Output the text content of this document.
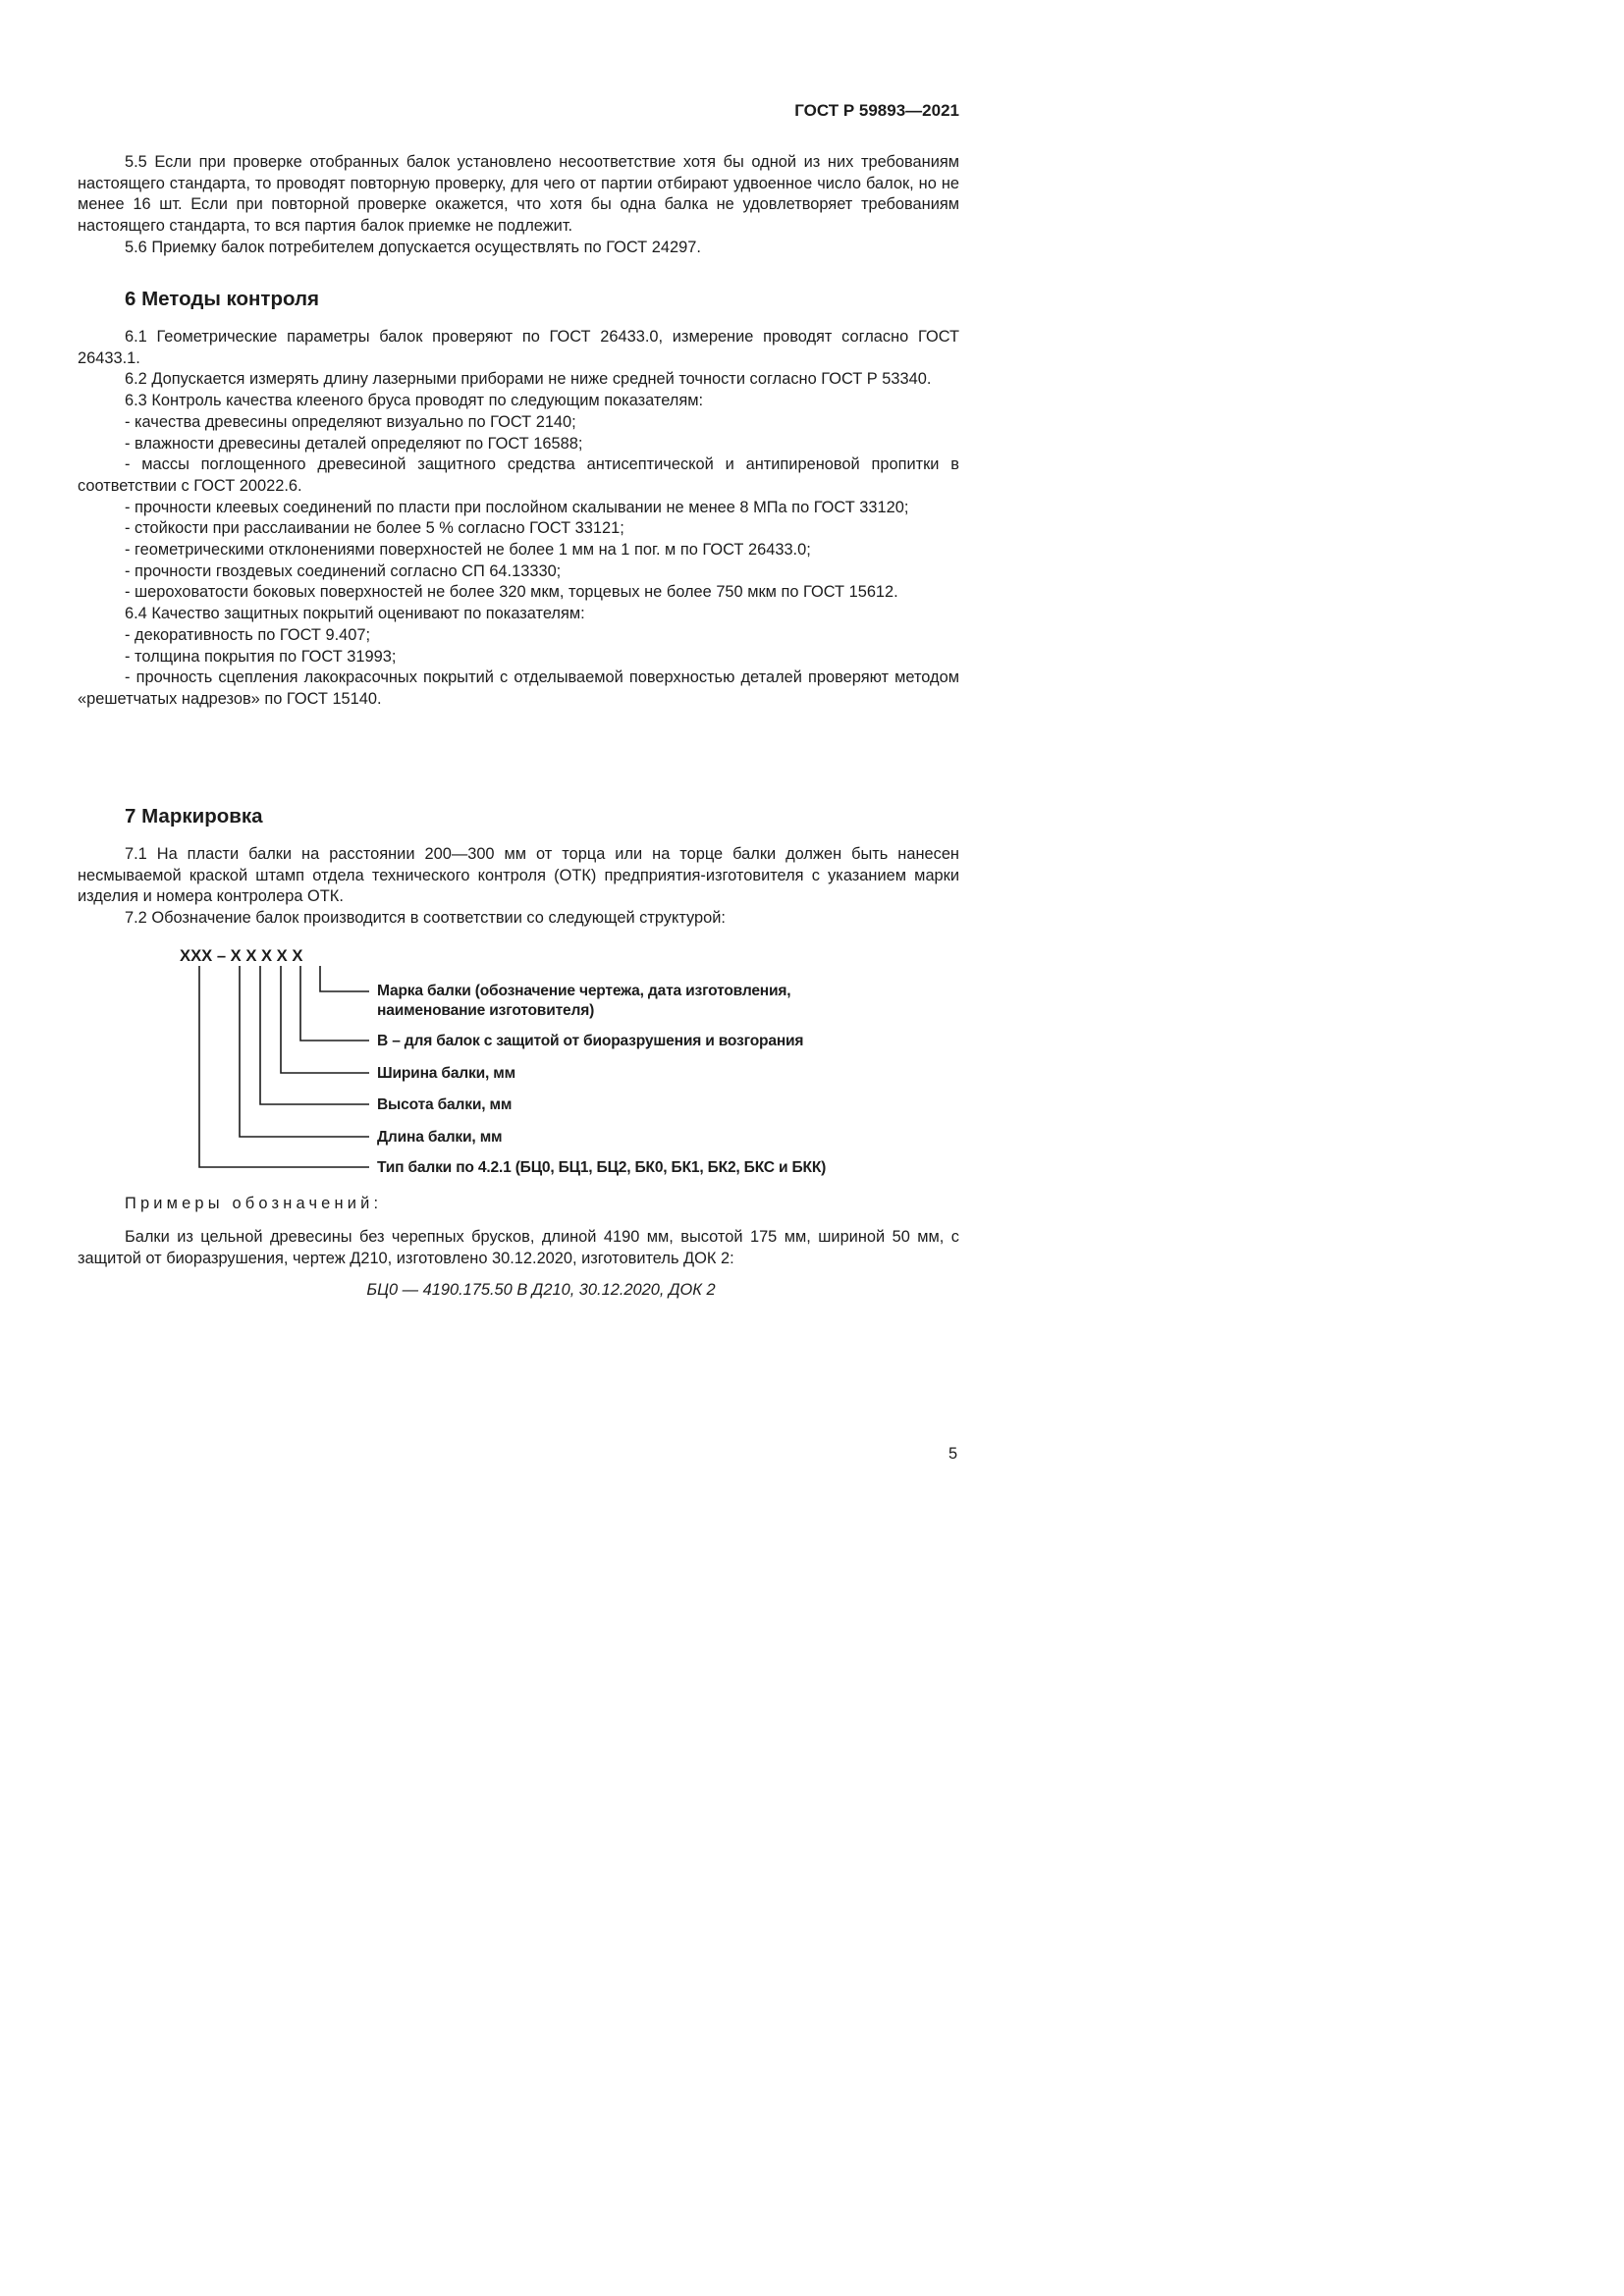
ГОСТ Р 59893—2021

5.5 Если при проверке отобранных балок установлено несоответствие хотя бы одной из них требованиям настоящего стандарта, то проводят повторную проверку, для чего от партии отбирают удвоенное число балок, но не менее 16 шт. Если при повторной проверке окажется, что хотя бы одна балка не удовлетворяет требованиям настоящего стандарта, то вся партия балок приемке не подлежит.

5.6 Приемку балок потребителем допускается осуществлять по ГОСТ 24297.

6 Методы контроля

6.1 Геометрические параметры балок проверяют по ГОСТ 26433.0, измерение проводят согласно ГОСТ 26433.1.

6.2 Допускается измерять длину лазерными приборами не ниже средней точности согласно ГОСТ Р 53340.

6.3 Контроль качества клееного бруса проводят по следующим показателям:

- качества древесины определяют визуально по ГОСТ 2140;

- влажности древесины деталей определяют по ГОСТ 16588;

- массы поглощенного древесиной защитного средства антисептической и антипиреновой пропитки в соответствии с ГОСТ 20022.6.

- прочности клеевых соединений по пласти при послойном скалывании не менее 8 МПа по ГОСТ 33120;

- стойкости при расслаивании не более 5 % согласно ГОСТ 33121;

- геометрическими отклонениями поверхностей не более 1 мм на 1 пог. м по ГОСТ 26433.0;

- прочности гвоздевых соединений согласно СП 64.13330;

- шероховатости боковых поверхностей не более 320 мкм, торцевых не более 750 мкм по ГОСТ 15612.

6.4 Качество защитных покрытий оценивают по показателям:

- декоративность по ГОСТ 9.407;

- толщина покрытия по ГОСТ 31993;

- прочность сцепления лакокрасочных покрытий с отделываемой поверхностью деталей проверяют методом «решетчатых надрезов» по ГОСТ 15140.

7 Маркировка

7.1 На пласти балки на расстоянии 200—300 мм от торца или на торце балки должен быть нанесен несмываемой краской штамп отдела технического контроля (ОТК) предприятия-изготовителя с указанием марки изделия и номера контролера ОТК.

7.2 Обозначение балок производится в соответствии со следующей структурой:

ХХХ – Х Х Х Х Х
Марка балки (обозначение чертежа, дата изготовления,
наименование изготовителя)
В – для балок с защитой от биоразрушения и возгорания
Ширина балки, мм
Высота балки, мм
Длина балки, мм
Тип балки по 4.2.1 (БЦ0, БЦ1, БЦ2, БК0, БК1, БК2, БКС и БКК)
Примеры обозначений:

Балки из цельной древесины без черепных брусков, длиной 4190 мм, высотой 175 мм, шириной 50 мм, с защитой от биоразрушения, чертеж Д210, изготовлено 30.12.2020, изготовитель ДОК 2:

БЦ0 — 4190.175.50 В Д210, 30.12.2020, ДОК 2
5
